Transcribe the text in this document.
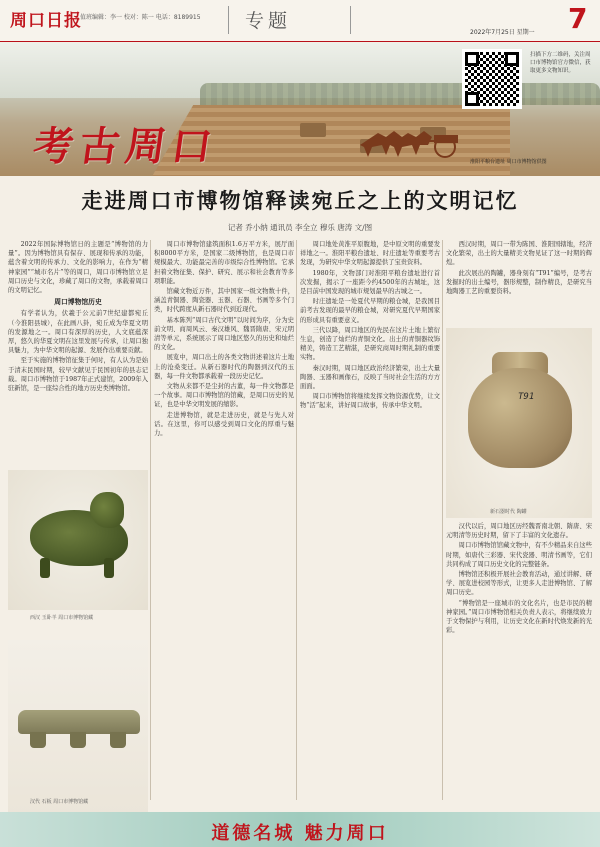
周口日报
值班编辑：李一 校对：陈一 电话：8189915 专题
2022年7月25日 星期一 7
考古周口
扫描下方二维码，关注周口市博物馆官方微信，获取更多文物知识。
淮阳平粮台遗址 周口市博物馆供图
走进周口市博物馆释读宛丘之上的文明记忆
记者 乔小纳 通讯员 李全立 穆乐 唐涛 文/图

2022年国际博物馆日的主题是“博物馆的力量”。因为博物馆具有保存、展现和传承的功能，蕴含着文明的传承力、文化的影响力，在作为“精神家园”“城市名片”等的周口，周口市博物馆立足周口历史与文化，珍藏了周口的文物，承载着周口的文明记忆。

周口博物馆历史

有学者认为，伏羲于公元前7世纪建都宛丘（今淮阳县城），在此画八卦，宛丘成为华夏文明的发源地之一。周口有深厚的历史，人文底蕴深厚，悠久的华夏文明在这里发展与传承，让周口独具魅力，为中华文明的起源、发展作出重要贡献。

至于实施的博物馆征集于何时，有人认为是始于清末民国时期，较早文献见于民国初年的县志记载。周口市博物馆于1987年正式建馆，2009年入驻新馆，是一座综合性的地方历史类博物馆。

西汉 玉卧羊 周口市博物馆藏
汉代 石板 周口市博物馆藏

周口市博物馆建筑面积1.6万平方米，展厅面积8000平方米，是国家二级博物馆，也是周口市规模最大、功能最完善的市级综合性博物馆。它承担着文物征集、保护、研究、展示和社会教育等多项职能。

馆藏文物近万件，其中国家一级文物数十件，涵盖青铜器、陶瓷器、玉器、石器、书画等多个门类，时代跨度从新石器时代到近现代。

基本陈列“周口古代文明”以时间为序，分为史前文明、商周风云、秦汉雄风、魏晋隋唐、宋元明清等单元，系统展示了周口地区悠久的历史和灿烂的文化。

展览中，周口出土的各类文物讲述着这片土地上的沧桑变迁。从新石器时代的陶器到汉代的玉器，每一件文物都承载着一段历史记忆。

文物从来都不是尘封的古董，每一件文物都是一个故事。周口市博物馆的馆藏，是周口历史的见证，也是中华文明发展的缩影。

走进博物馆，就是走进历史，就是与先人对话。在这里，你可以感受到周口文化的厚重与魅力。

周口地处黄淮平原腹地，是中原文明的重要发祥地之一。淮阳平粮台遗址、时庄遗址等重要考古发现，为研究中华文明起源提供了宝贵资料。

1980年，文物部门对淮阳平粮台遗址进行首次发掘，揭示了一座距今约4500年的古城址，这是目前中国发现的城市规划最早的古城之一。

时庄遗址是一处夏代早期的粮仓城，是我国目前考古发现的最早的粮仓城，对研究夏代早期国家的形成具有重要意义。

三代以降，周口地区的先民在这片土地上繁衍生息，创造了灿烂的青铜文化。出土的青铜器纹饰精美，铸造工艺精湛，是研究商周时期礼制的重要实物。

秦汉时期，周口地区政治经济繁荣，出土大量陶器、玉器和画像石，反映了当时社会生活的方方面面。

周口市博物馆将继续发挥文物资源优势，让文物“活”起来，讲好周口故事，传承中华文明。

西汉时期，周口一带为陈国、淮阳国辖地，经济文化繁荣，出土的大量精美文物见证了这一时期的辉煌。

此次展出的陶罐，器身刻有“T91”编号，是考古发掘时的出土编号，器形规整，制作精良，是研究当地陶器工艺的重要资料。

T91
新石器时代 陶罐

汉代以后，周口地区历经魏晋南北朝、隋唐、宋元明清等历史时期，留下了丰富的文化遗存。

周口市博物馆馆藏文物中，有不少精品来自这些时期，如唐代三彩器、宋代瓷器、明清书画等，它们共同构成了周口历史文化的完整链条。

博物馆还积极开展社会教育活动，通过讲解、研学、展览进校园等形式，让更多人走进博物馆、了解周口历史。

“博物馆是一座城市的文化名片，也是市民的精神家园。”周口市博物馆相关负责人表示，将继续致力于文物保护与利用，让历史文化在新时代焕发新的光彩。

道德名城 魅力周口
